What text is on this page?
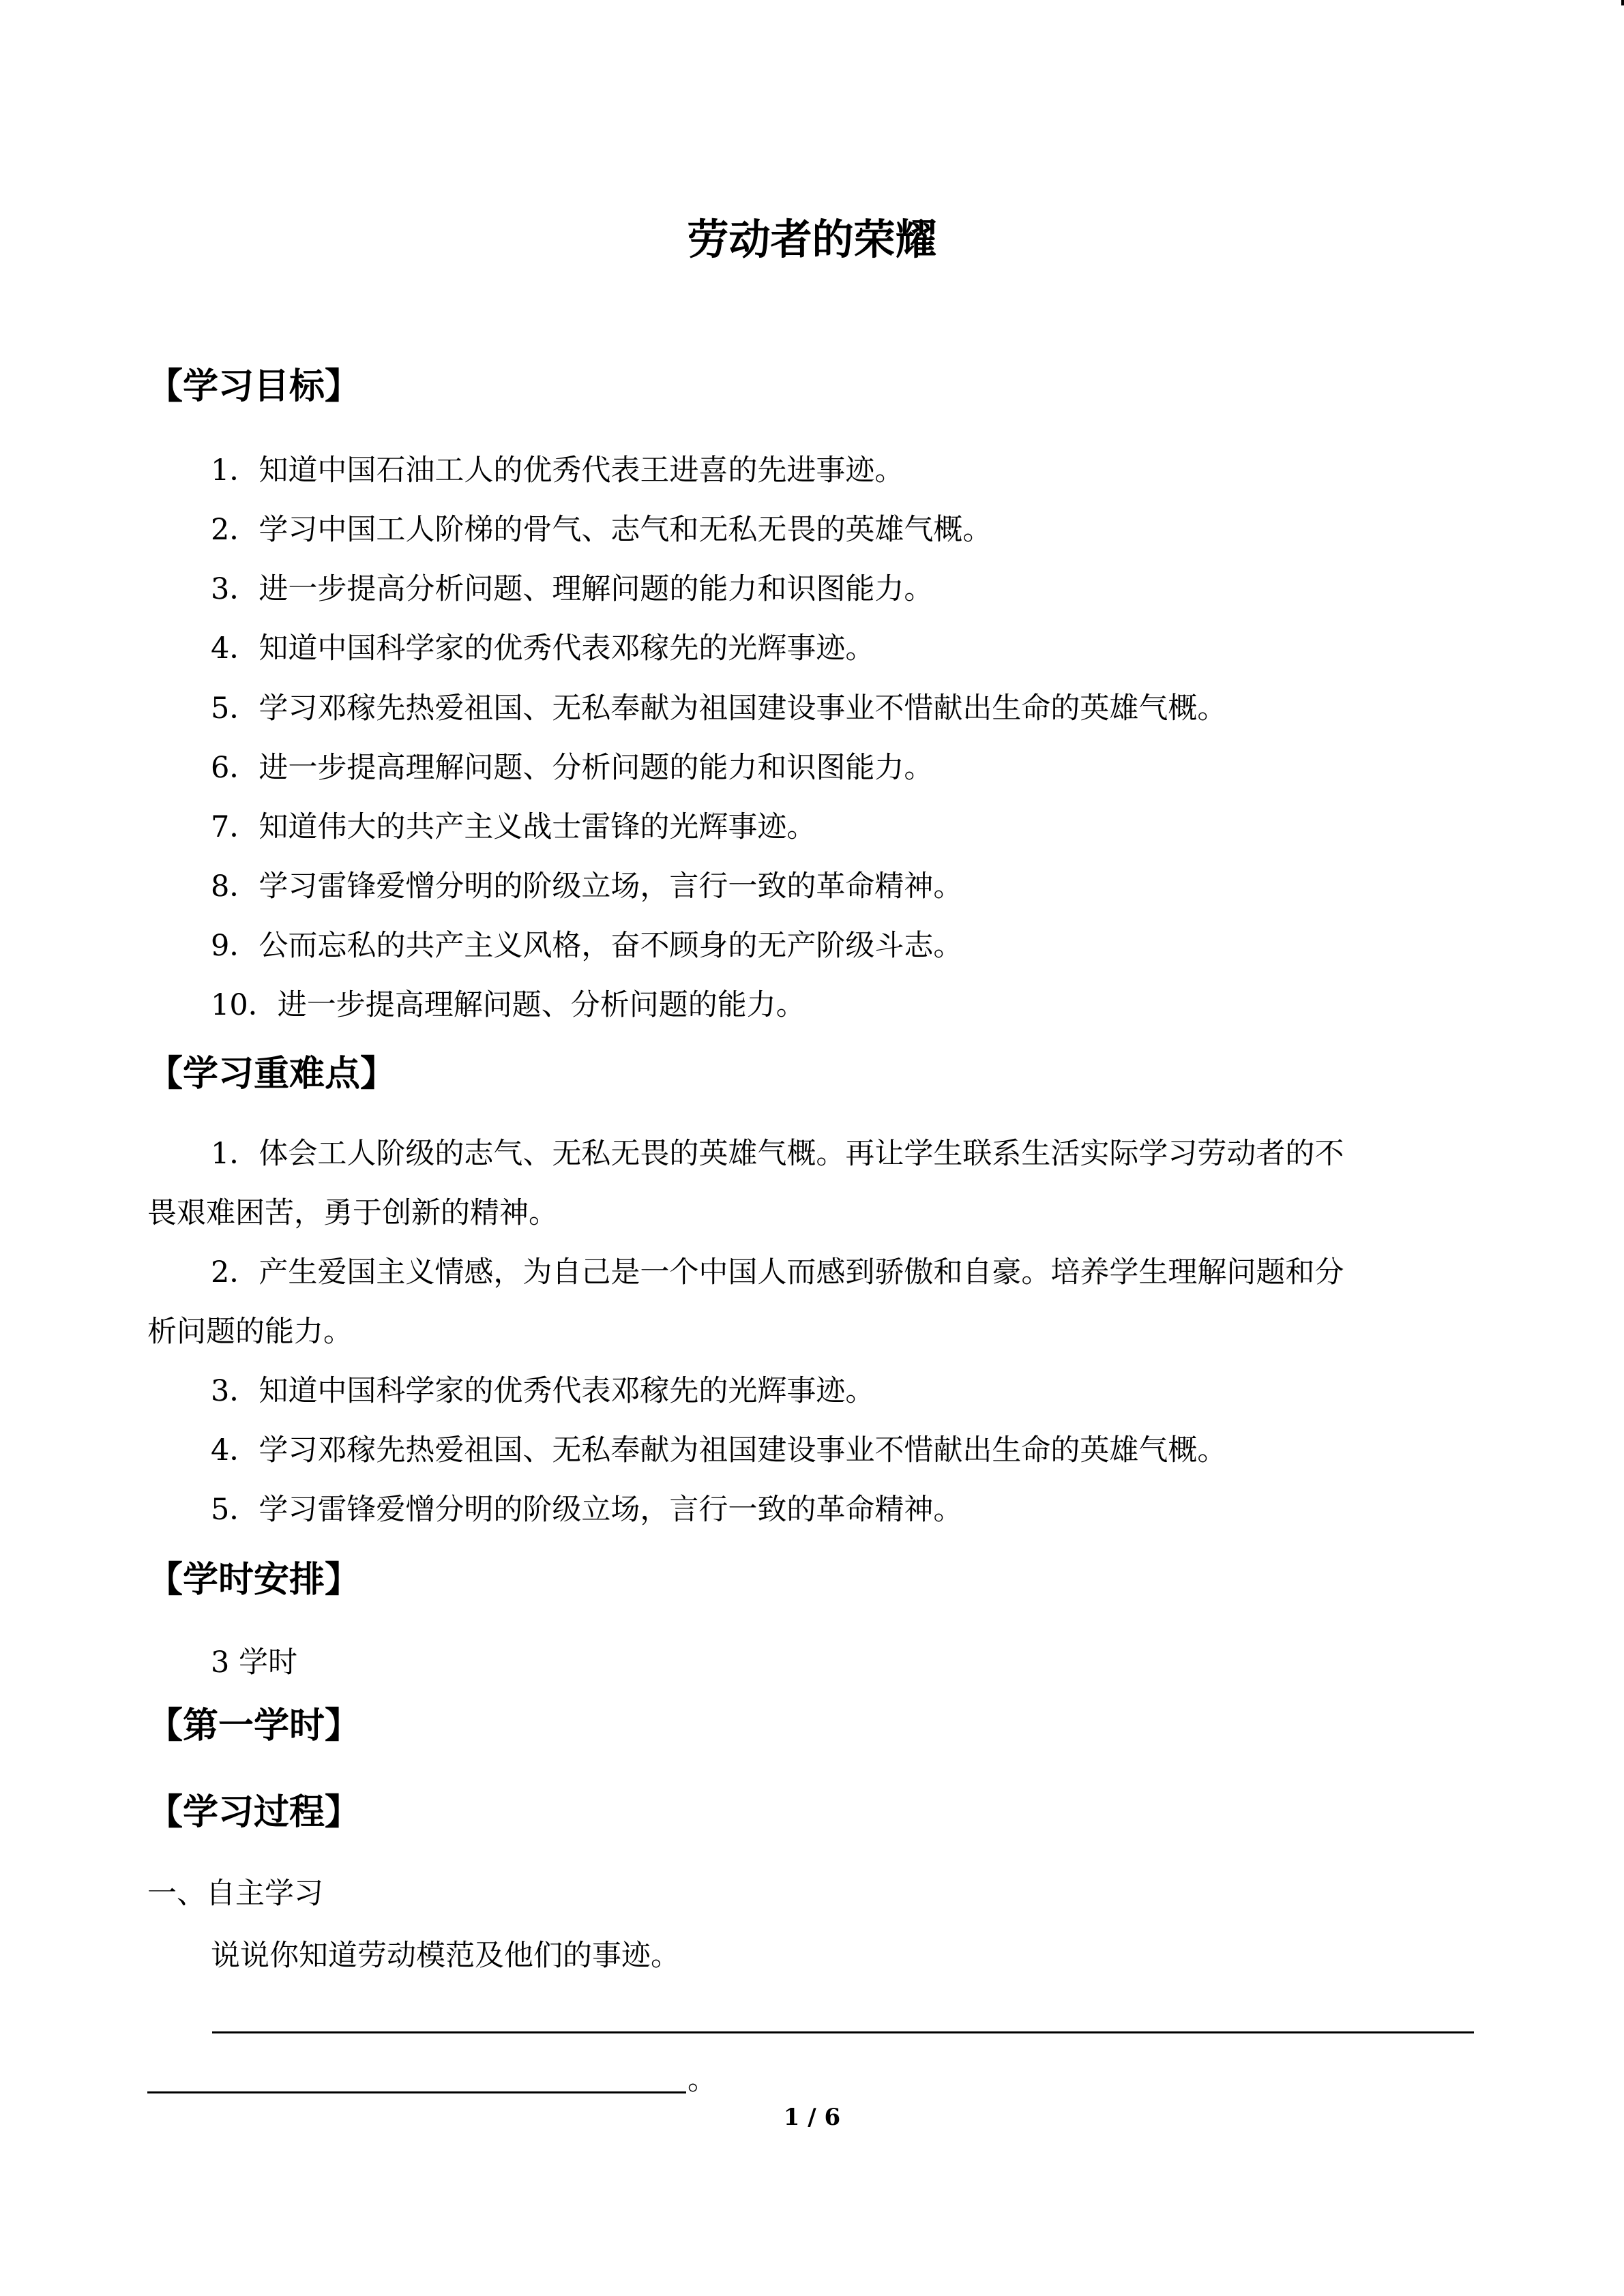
劳动者的荣耀
【学习目标】
1．知道中国石油工人的优秀代表王进喜的先进事迹。
2．学习中国工人阶梯的骨气、志气和无私无畏的英雄气概。
3．进一步提高分析问题、理解问题的能力和识图能力。
4．知道中国科学家的优秀代表邓稼先的光辉事迹。
5．学习邓稼先热爱祖国、无私奉献为祖国建设事业不惜献出生命的英雄气概。
6．进一步提高理解问题、分析问题的能力和识图能力。
7．知道伟大的共产主义战士雷锋的光辉事迹。
8．学习雷锋爱憎分明的阶级立场，言行一致的革命精神。
9．公而忘私的共产主义风格，奋不顾身的无产阶级斗志。
10．进一步提高理解问题、分析问题的能力。
【学习重难点】
1．体会工人阶级的志气、无私无畏的英雄气概。再让学生联系生活实际学习劳动者的不
畏艰难困苦，勇于创新的精神。
2．产生爱国主义情感，为自己是一个中国人而感到骄傲和自豪。培养学生理解问题和分
析问题的能力。
3．知道中国科学家的优秀代表邓稼先的光辉事迹。
4．学习邓稼先热爱祖国、无私奉献为祖国建设事业不惜献出生命的英雄气概。
5．学习雷锋爱憎分明的阶级立场，言行一致的革命精神。
【学时安排】
3 学时
【第一学时】
【学习过程】
一、自主学习
说说你知道劳动模范及他们的事迹。
。
1 / 6
